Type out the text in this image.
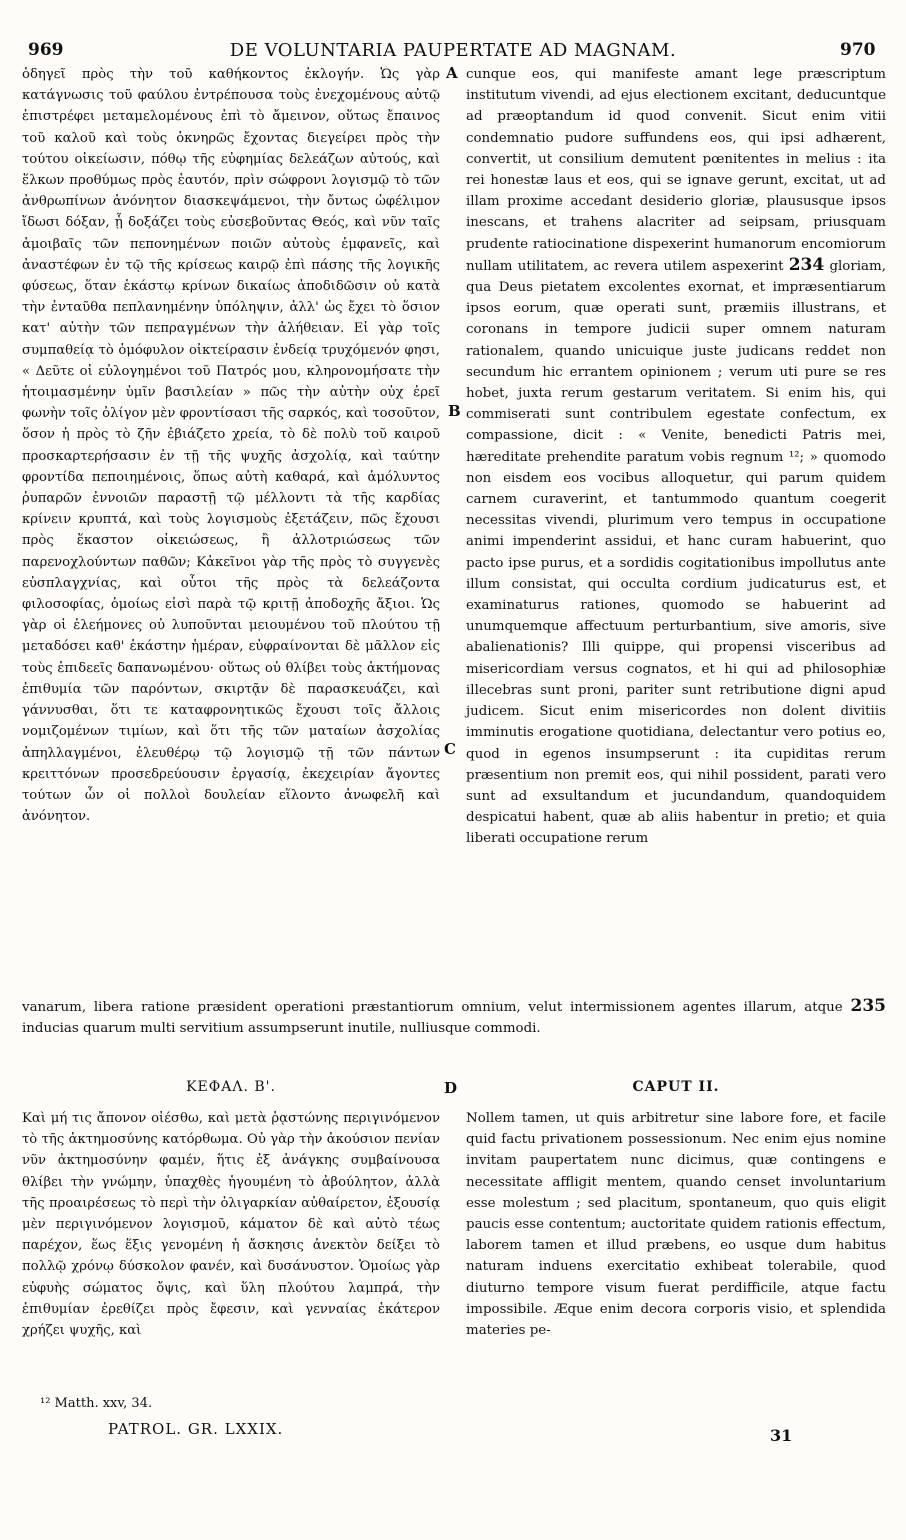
969	DE VOLUNTARIA PAUPERTATE AD MAGNAM.	970

ὁδηγεῖ πρὸς τὴν τοῦ καθήκοντος ἐκλογήν. Ὡς γὰρ κατάγνωσις τοῦ φαύλου ἐντρέπουσα τοὺς ἐνεχομένους αὐτῷ ἐπιστρέφει μεταμελομένους ἐπὶ τὸ ἄμεινον, οὕτως ἔπαινος τοῦ καλοῦ καὶ τοὺς ὀκνηρῶς ἔχοντας διεγείρει πρὸς τὴν τούτου οἰκείωσιν, πόθῳ τῆς εὐφημίας δελεάζων αὐτούς, καὶ ἕλκων προθύμως πρὸς ἑαυτόν, πρὶν σώφρονι λογισμῷ τὸ τῶν ἀνθρωπίνων ἀνόνητον διασκεψάμενοι, τὴν ὄντως ὠφέλιμον ἴδωσι δόξαν, ᾗ δοξάζει τοὺς εὐσεβοῦντας Θεός, καὶ νῦν ταῖς ἀμοιβαῖς τῶν πεπονημένων ποιῶν αὐτοὺς ἐμφανεῖς, καὶ ἀναστέφων ἐν τῷ τῆς κρίσεως καιρῷ ἐπὶ πάσης τῆς λογικῆς φύσεως, ὅταν ἑκάστῳ κρίνων δικαίως ἀποδιδῶσιν οὐ κατὰ τὴν ἐνταῦθα πεπλανημένην ὑπόληψιν, ἀλλ' ὡς ἔχει τὸ ὅσιον κατ' αὐτὴν τῶν πεπραγμένων τὴν ἀλήθειαν. Εἰ γὰρ τοῖς συμπαθείᾳ τὸ ὁμόφυλον οἰκτείρασιν ἐνδείᾳ τρυχόμενόν φησι, « Δεῦτε οἱ εὐλογημένοι τοῦ Πατρός μου, κληρονομήσατε τὴν ἡτοιμασμένην ὑμῖν βασιλείαν » πῶς τὴν αὐτὴν οὐχ ἐρεῖ φωνὴν τοῖς ὀλίγον μὲν φροντίσασι τῆς σαρκός, καὶ τοσοῦτον, ὅσον ἡ πρὸς τὸ ζῆν ἐβιάζετο χρεία, τὸ δὲ πολὺ τοῦ καιροῦ προσκαρτερήσασιν ἐν τῇ τῆς ψυχῆς ἀσχολίᾳ, καὶ ταύτην φροντίδα πεποιημένοις, ὅπως αὐτὴ καθαρά, καὶ ἀμόλυντος ῥυπαρῶν ἐννοιῶν παραστῇ τῷ μέλλοντι τὰ τῆς καρδίας κρίνειν κρυπτά, καὶ τοὺς λογισμοὺς ἐξετάζειν, πῶς ἔχουσι πρὸς ἕκαστον οἰκειώσεως, ἢ ἀλλοτριώσεως τῶν παρενοχλούντων παθῶν; Κἀκεῖνοι γὰρ τῆς πρὸς τὸ συγγενὲς εὐσπλαγχνίας, καὶ οὗτοι τῆς πρὸς τὰ δελεάζοντα φιλοσοφίας, ὁμοίως εἰσὶ παρὰ τῷ κριτῇ ἀποδοχῆς ἄξιοι. Ὡς γὰρ οἱ ἐλεήμονες οὐ λυποῦνται μειουμένου τοῦ πλούτου τῇ μεταδόσει καθ' ἑκάστην ἡμέραν, εὐφραίνονται δὲ μᾶλλον εἰς τοὺς ἐπιδεεῖς δαπανωμένου· οὕτως οὐ θλίβει τοὺς ἀκτήμονας ἐπιθυμία τῶν παρόντων, σκιρτᾷν δὲ παρασκευάζει, καὶ γάννυσθαι, ὅτι τε καταφρονητικῶς ἔχουσι τοῖς ἄλλοις νομιζομένων τιμίων, καὶ ὅτι τῆς τῶν ματαίων ἀσχολίας ἀπηλλαγμένοι, ἐλευθέρῳ τῷ λογισμῷ τῇ τῶν πάντων κρειττόνων προσεδρεύουσιν ἐργασίᾳ, ἐκεχειρίαν ἄγοντες τούτων ὧν οἱ πολλοὶ δουλείαν εἵλοντο ἀνωφελῆ καὶ ἀνόνητον.

cunque eos, qui manifeste amant lege præscriptum institutum vivendi, ad ejus electionem excitant, deducuntque ad præoptandum id quod convenit. Sicut enim vitii condemnatio pudore suffundens eos, qui ipsi adhærent, convertit, ut consilium demutent pœnitentes in melius : ita rei honestæ laus et eos, qui se ignave gerunt, excitat, ut ad illam proxime accedant desiderio gloriæ, plaususque ipsos inescans, et trahens alacriter ad seipsam, priusquam prudente ratiocinatione dispexerint humanorum encomiorum nullam utilitatem, ac revera utilem aspexerint 234 gloriam, qua Deus pietatem excolentes exornat, et impræsentiarum ipsos eorum, quæ operati sunt, præmiis illustrans, et coronans in tempore judicii super omnem naturam rationalem, quando unicuique juste judicans reddet non secundum hic errantem opinionem ; verum uti pure se res hobet, juxta rerum gestarum veritatem. Si enim his, qui commiserati sunt contribulem egestate confectum, ex compassione, dicit : « Venite, benedicti Patris mei, hæreditate prehendite paratum vobis regnum ¹²; » quomodo non eisdem eos vocibus alloquetur, qui parum quidem carnem curaverint, et tantummodo quantum coegerit necessitas vivendi, plurimum vero tempus in occupatione animi impenderint assidui, et hanc curam habuerint, quo pacto ipse purus, et a sordidis cogitationibus impollutus ante illum consistat, qui occulta cordium judicaturus est, et examinaturus rationes, quomodo se habuerint ad unumquemque affectuum perturbantium, sive amoris, sive abalienationis? Illi quippe, qui propensi visceribus ad misericordiam versus cognatos, et hi qui ad philosophiæ illecebras sunt proni, pariter sunt retributione digni apud judicem. Sicut enim misericordes non dolent divitiis imminutis erogatione quotidiana, delectantur vero potius eo, quod in egenos insumpserunt : ita cupiditas rerum præsentium non premit eos, qui nihil possident, parati vero sunt ad exsultandum et jucundandum, quandoquidem despicatui habent, quæ ab aliis habentur in pretio; et quia liberati occupatione rerum

A
B
C
D
vanarum, libera ratione præsident operationi præstantiorum omnium, velut intermissionem agentes illarum, atque 235 inducias quarum multi servitium assumpserunt inutile, nulliusque commodi.
ΚΕΦΑΛ. Β'.	CAPUT II.

Καὶ μή τις ἄπονον οἰέσθω, καὶ μετὰ ῥᾳστώνης περιγινόμενον τὸ τῆς ἀκτημοσύνης κατόρθωμα. Οὐ γὰρ τὴν ἀκούσιον πενίαν νῦν ἀκτημοσύνην φαμέν, ἥτις ἐξ ἀνάγκης συμβαίνουσα θλίβει τὴν γνώμην, ὑπαχθὲς ἡγουμένη τὸ ἀβούλητον, ἀλλὰ τῆς προαιρέσεως τὸ περὶ τὴν ὀλιγαρκίαν αὐθαίρετον, ἐξουσίᾳ μὲν περιγινόμενον λογισμοῦ, κάματον δὲ καὶ αὐτὸ τέως παρέχον, ἕως ἕξις γενομένη ἡ ἄσκησις ἀνεκτὸν δείξει τὸ πολλῷ χρόνῳ δύσκολον φανέν, καὶ δυσάνυστον. Ὁμοίως γὰρ εὐφυὴς σώματος ὄψις, καὶ ὕλη πλούτου λαμπρά, τὴν ἐπιθυμίαν ἐρεθίζει πρὸς ἔφεσιν, καὶ γενναίας ἑκάτερον χρήζει ψυχῆς, καὶ

Nollem tamen, ut quis arbitretur sine labore fore, et facile quid factu privationem possessionum. Nec enim ejus nomine invitam paupertatem nunc dicimus, quæ contingens e necessitate affligit mentem, quando censet involuntarium esse molestum ; sed placitum, spontaneum, quo quis eligit paucis esse contentum; auctoritate quidem rationis effectum, laborem tamen et illud præbens, eo usque dum habitus naturam induens exercitatio exhibeat tolerabile, quod diuturno tempore visum fuerat perdifficile, atque factu impossibile. Æque enim decora corporis visio, et splendida materies pe-

¹² Matth. xxv, 34.
PATROL. GR. LXXIX.	31
